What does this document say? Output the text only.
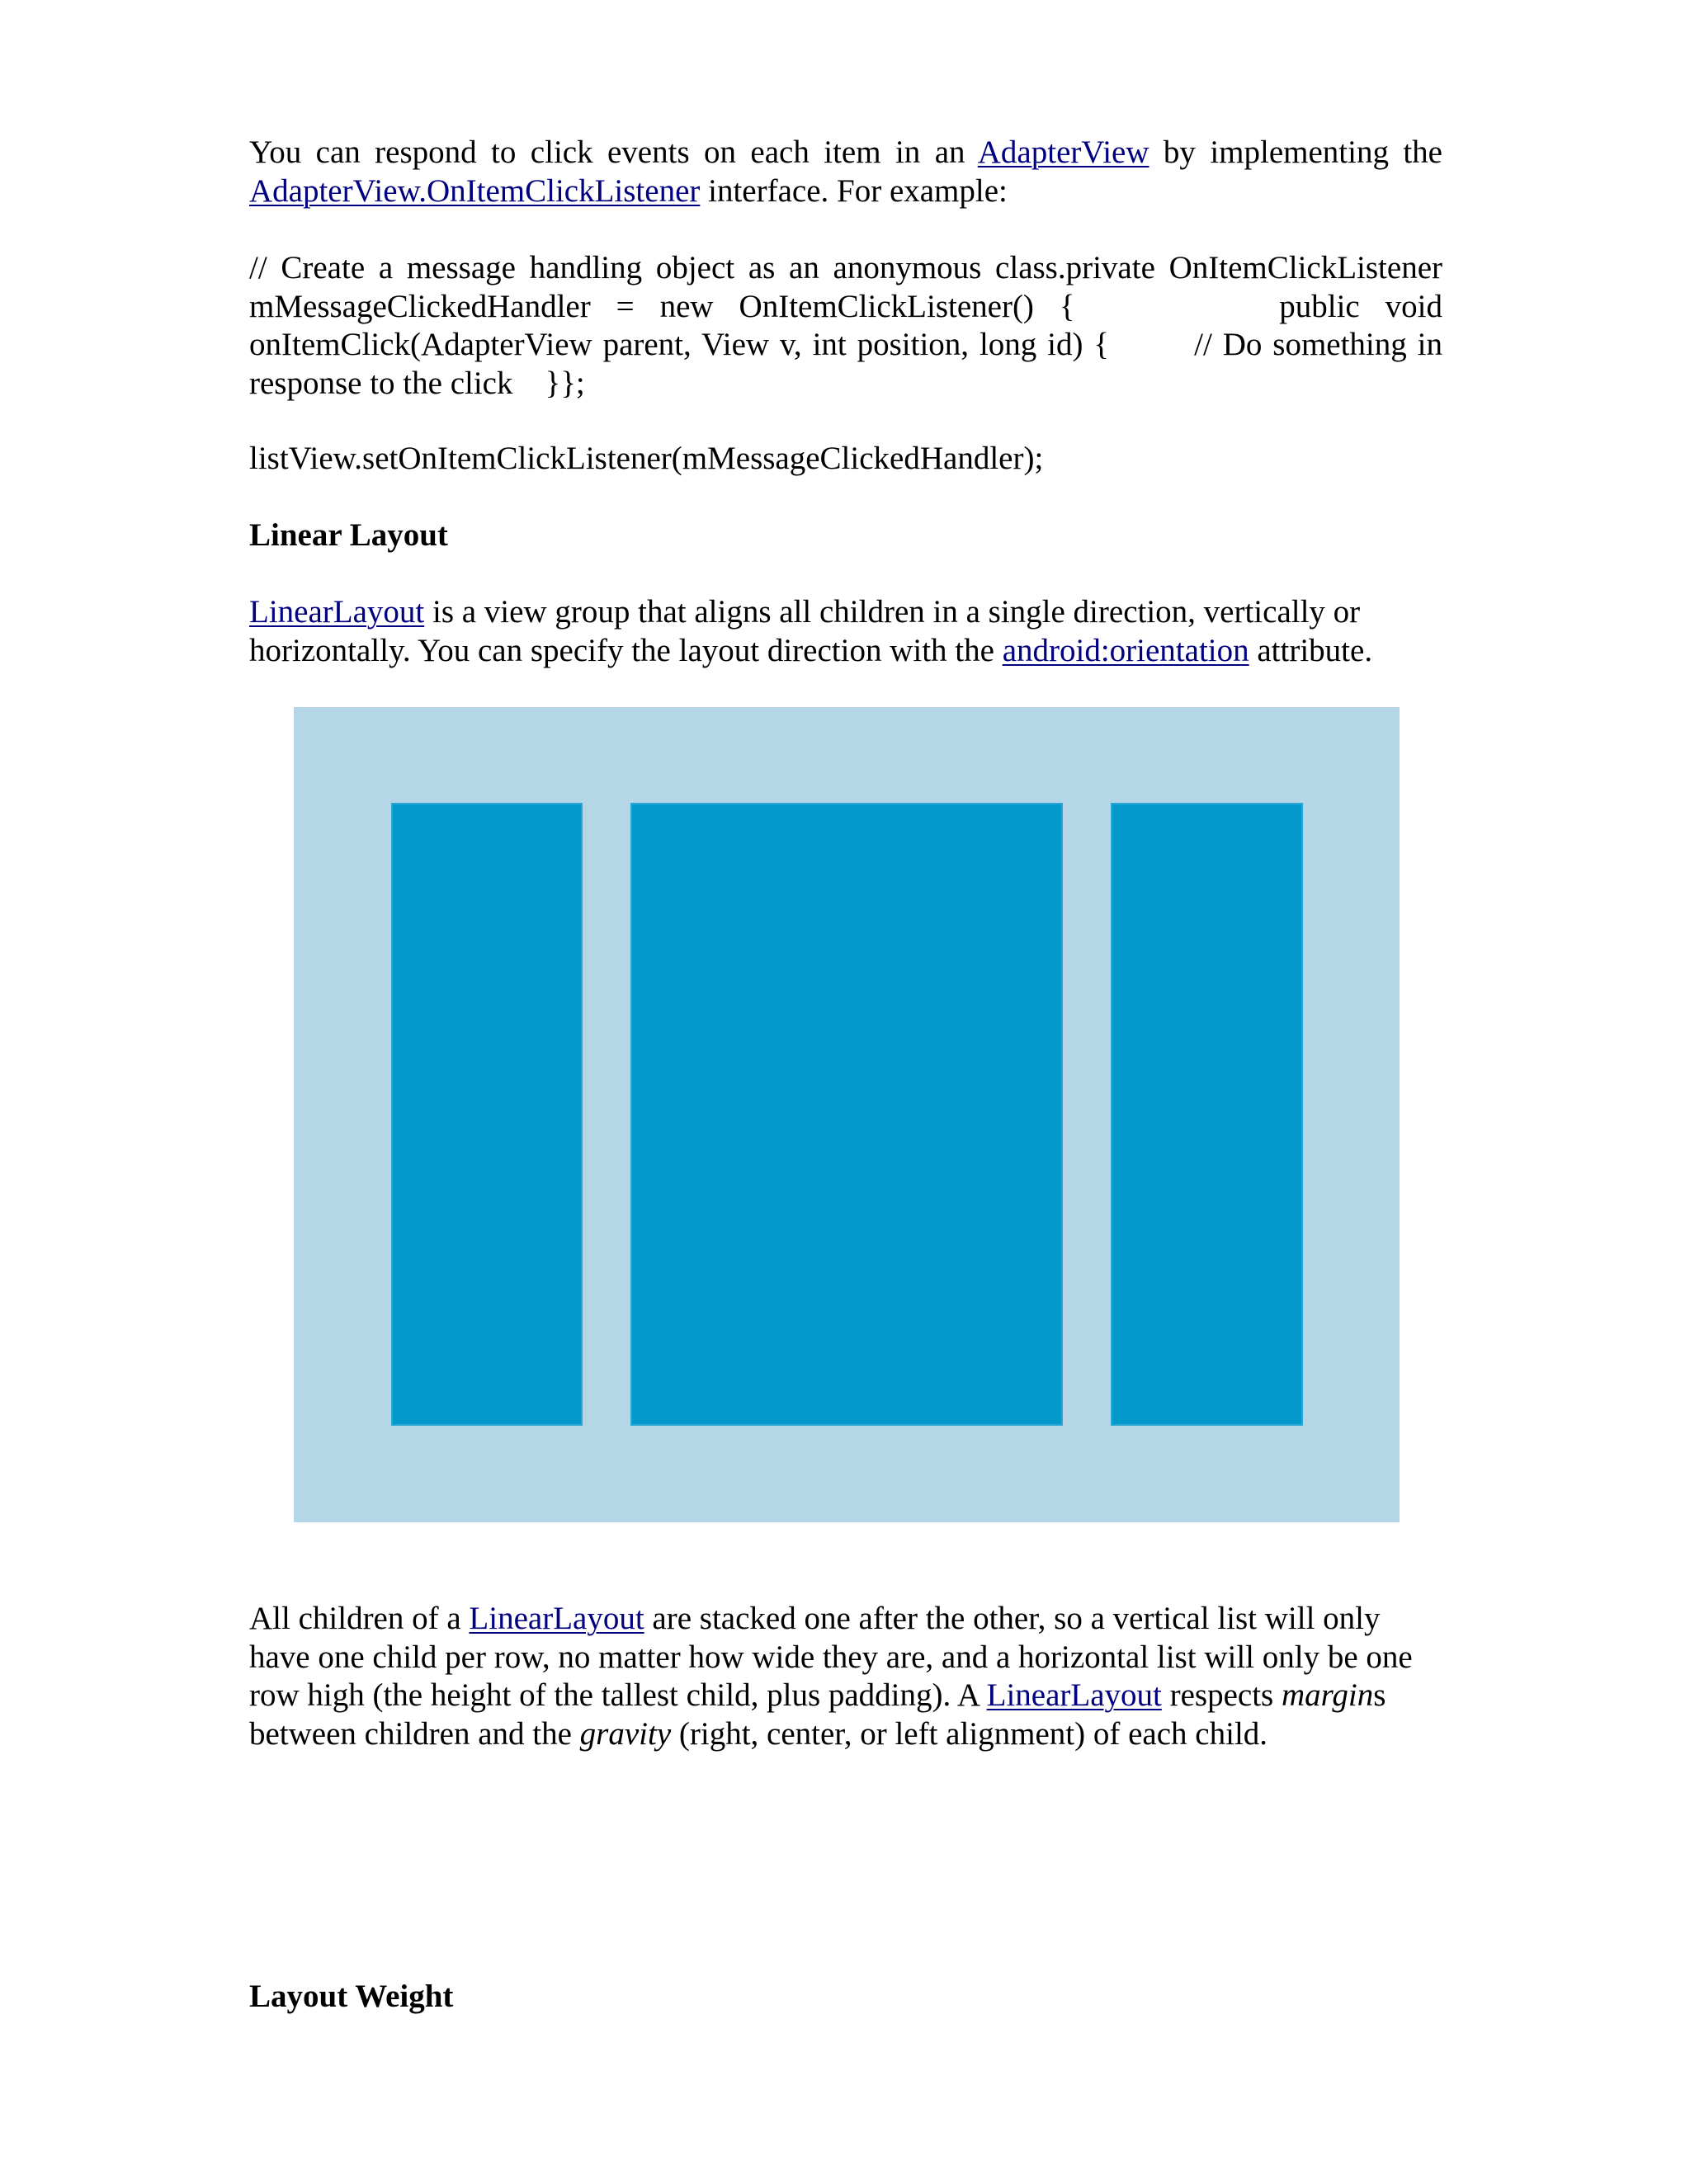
You can respond to click events on each item in an AdapterView by implementing the AdapterView.OnItemClickListener interface. For example:

// Create a message handling object as an anonymous class.private OnItemClickListener mMessageClickedHandler = new OnItemClickListener() {        public void onItemClick(AdapterView parent, View v, int position, long id) {        // Do something in response to the click    }};

listView.setOnItemClickListener(mMessageClickedHandler);

Linear Layout

LinearLayout is a view group that aligns all children in a single direction, vertically or horizontally. You can specify the layout direction with the android:orientation attribute.

All children of a LinearLayout are stacked one after the other, so a vertical list will only have one child per row, no matter how wide they are, and a horizontal list will only be one row high (the height of the tallest child, plus padding). A LinearLayout respects margins between children and the gravity (right, center, or left alignment) of each child.

Layout Weight
